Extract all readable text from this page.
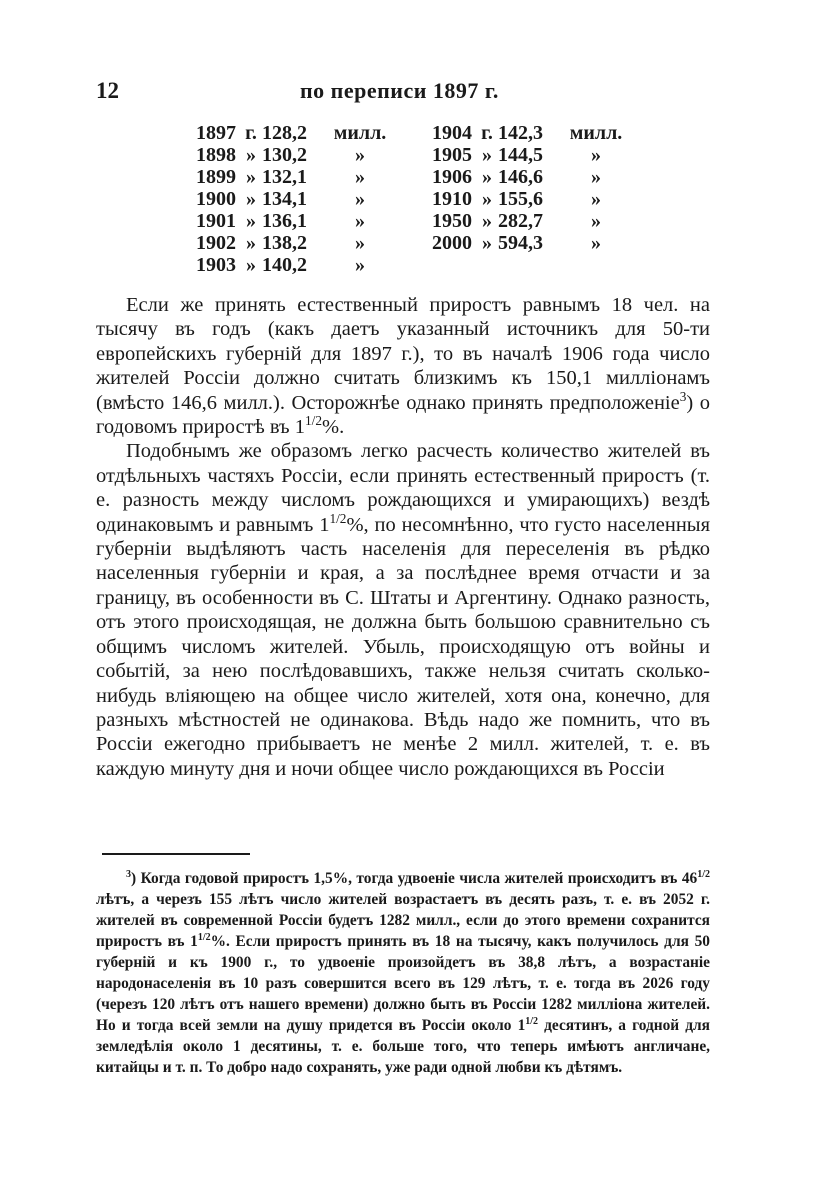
12	по переписи 1897 г.
1897 г. 128,2	милл.
1898 » 130,2	»
1899 » 132,1	»
1900 » 134,1	»
1901 » 136,1	»
1902 » 138,2	»
1903 » 140,2	»
1904 г. 142,3	милл.
1905 » 144,5	»
1906 » 146,6	»
1910 » 155,6	»
1950 » 282,7	»
2000 » 594,3	»

Если же принять естественный приростъ равнымъ 18 чел. на тысячу въ годъ (какъ даетъ указанный источникъ для 50-ти европейскихъ губерній для 1897 г.), то въ началѣ 1906 года число жителей Россіи должно считать близкимъ къ 150,1 милліонамъ (вмѣсто 146,6 милл.). Осторожнѣе однако принять предположеніе$^3$) о годовомъ приростѣ въ $1^{1/2}\%$.

Подобнымъ же образомъ легко расчесть количество жителей въ отдѣльныхъ частяхъ Россіи, если принять естественный приростъ (т. е. разность между числомъ рождающихся и умирающихъ) вездѣ одинаковымъ и равнымъ $1^{1/2}\%$, по несомнѣнно, что густо населенныя губерніи выдѣляютъ часть населенія для переселенія въ рѣдко населенныя губерніи и края, а за послѣднее время отчасти и за границу, въ особенности въ С. Штаты и Аргентину. Однако разность, отъ этого происходящая, не должна быть большою сравнительно съ общимъ числомъ жителей. Убыль, происходящую отъ войны и событій, за нею послѣдовавшихъ, также нельзя считать сколько-нибудь вліяющею на общее число жителей, хотя она, конечно, для разныхъ мѣстностей не одинакова. Вѣдь надо же помнить, что въ Россіи ежегодно прибываетъ не менѣе 2 милл. жителей, т. е. въ каждую минуту дня и ночи общее число рождающихся въ Россіи

$^3$) Когда годовой приростъ 1,5%, тогда удвоеніе числа жителей происходитъ въ $46^{1/2}$ лѣтъ, а черезъ 155 лѣтъ число жителей возрастаетъ въ десять разъ, т. е. въ 2052 г. жителей въ современной Россіи будетъ 1282 милл., если до этого времени сохранится приростъ въ $1^{1/2}\%$. Если приростъ принять въ 18 на тысячу, какъ получилось для 50 губерній и къ 1900 г., то удвоеніе произойдетъ въ 38,8 лѣтъ, а возрастаніе народонаселенія въ 10 разъ совершится всего въ 129 лѣтъ, т. е. тогда въ 2026 году (черезъ 120 лѣтъ отъ нашего времени) должно быть въ Россіи 1282 милліона жителей. Но и тогда всей земли на душу придется въ Россіи около $1^{1/2}$ десятинъ, а годной для земледѣлія около 1 десятины, т. е. больше того, что теперь имѣютъ англичане, китайцы и т. п. То добро надо сохранять, уже ради одной любви къ дѣтямъ.
